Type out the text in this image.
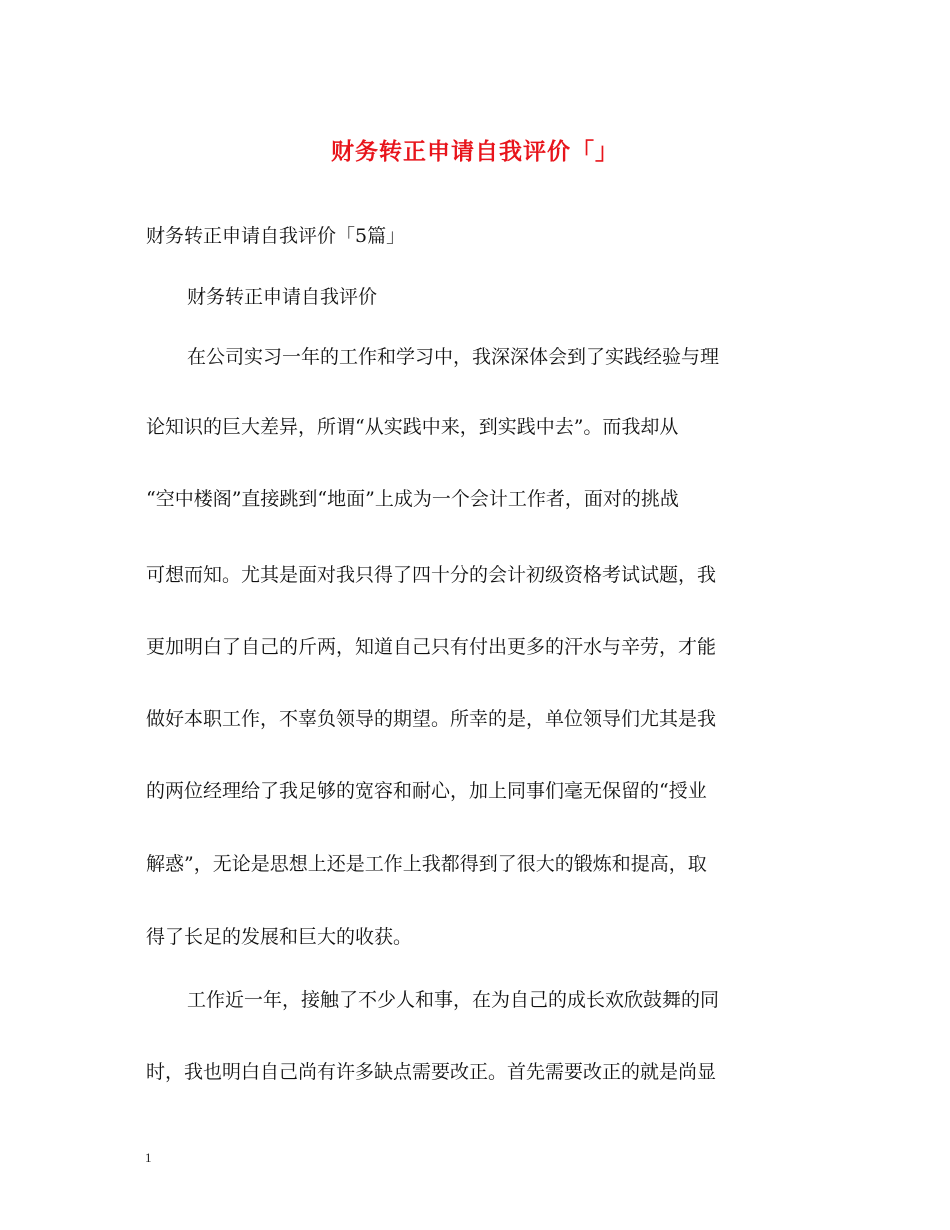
财务转正申请自我评价「」
财务转正申请自我评价「5篇」
财务转正申请自我评价
在公司实习一年的工作和学习中，我深深体会到了实践经验与理
论知识的巨大差异，所谓“从实践中来，到实践中去”。而我却从
“空中楼阁”直接跳到“地面”上成为一个会计工作者，面对的挑战
可想而知。尤其是面对我只得了四十分的会计初级资格考试试题，我
更加明白了自己的斤两，知道自己只有付出更多的汗水与辛劳，才能
做好本职工作，不辜负领导的期望。所幸的是，单位领导们尤其是我
的两位经理给了我足够的宽容和耐心，加上同事们毫无保留的“授业
解惑”，无论是思想上还是工作上我都得到了很大的锻炼和提高，取
得了长足的发展和巨大的收获。
工作近一年，接触了不少人和事，在为自己的成长欢欣鼓舞的同
时，我也明白自己尚有许多缺点需要改正。首先需要改正的就是尚显
1
